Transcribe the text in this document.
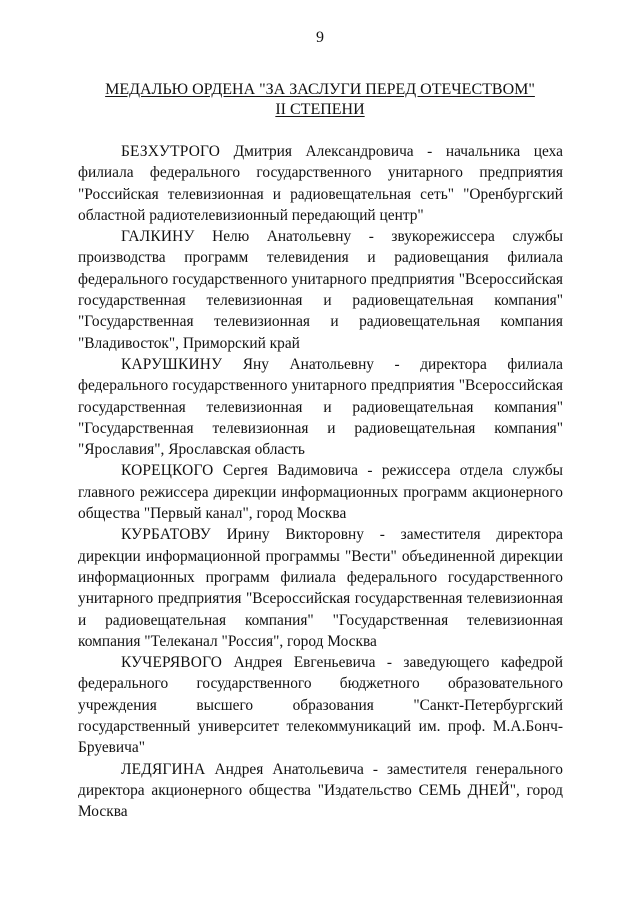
9
МЕДАЛЬЮ ОРДЕНА "ЗА ЗАСЛУГИ ПЕРЕД ОТЕЧЕСТВОМ"
II СТЕПЕНИ

БЕЗХУТРОГО Дмитрия Александровича - начальника цеха филиала федерального государственного унитарного предприятия "Российская телевизионная и радиовещательная сеть" "Оренбургский областной радиотелевизионный передающий центр"

ГАЛКИНУ Нелю Анатольевну - звукорежиссера службы производства программ телевидения и радиовещания филиала федерального государственного унитарного предприятия "Всероссийская государственная телевизионная и радиовещательная компания" "Государственная телевизионная и радиовещательная компания "Владивосток", Приморский край

КАРУШКИНУ Яну Анатольевну - директора филиала федерального государственного унитарного предприятия "Всероссийская государственная телевизионная и радиовещательная компания" "Государственная телевизионная и радиовещательная компания" "Ярославия", Ярославская область

КОРЕЦКОГО Сергея Вадимовича - режиссера отдела службы главного режиссера дирекции информационных программ акционерного общества "Первый канал", город Москва

КУРБАТОВУ Ирину Викторовну - заместителя директора дирекции информационной программы "Вести" объединенной дирекции информационных программ филиала федерального государственного унитарного предприятия "Всероссийская государственная телевизионная и радиовещательная компания" "Государственная телевизионная компания "Телеканал "Россия", город Москва

КУЧЕРЯВОГО Андрея Евгеньевича - заведующего кафедрой федерального государственного бюджетного образовательного учреждения высшего образования "Санкт-Петербургский государственный университет телекоммуникаций им. проф. М.А.Бонч-Бруевича"

ЛЕДЯГИНА Андрея Анатольевича - заместителя генерального директора акционерного общества "Издательство СЕМЬ ДНЕЙ", город Москва
